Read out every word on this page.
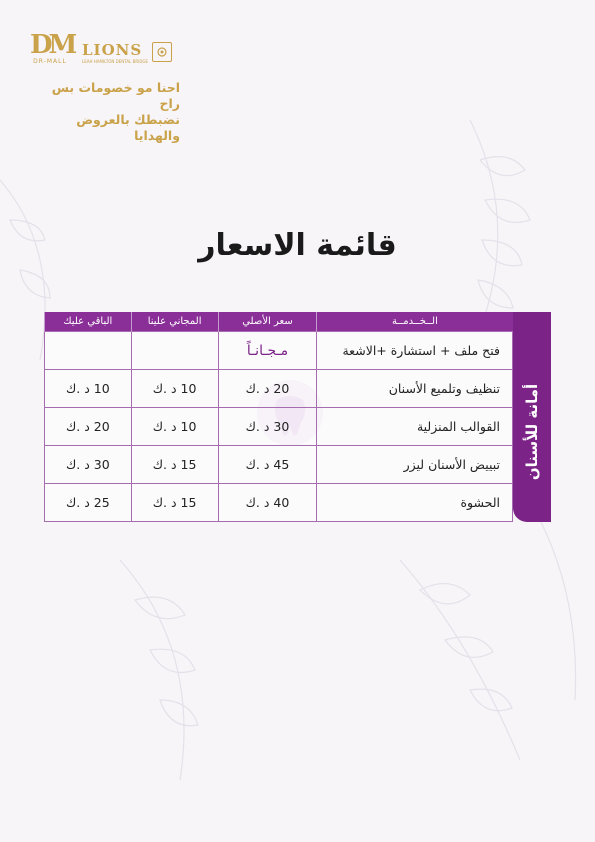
DM
DR-MALL
LIONS
LEAH HAMILTON DENTAL BRIDGE
احنا مو خصومات بس راح
نضبطك بالعروض والهدايا
قائمة الاسعار
أمانة للأسنان
الــخــدمــة	سعر الأصلي	المجاني علينا	الباقي عليك
فتح ملف + استشارة +الاشعة	مـجـانـاً		
تنظيف وتلميع الأسنان	20 د .ك	10 د .ك	10 د .ك
القوالب المنزلية	30 د .ك	10 د .ك	20 د .ك
تبييض الأسنان ليزر	45 د .ك	15 د .ك	30 د .ك
الحشوة	40 د .ك	15 د .ك	25 د .ك
